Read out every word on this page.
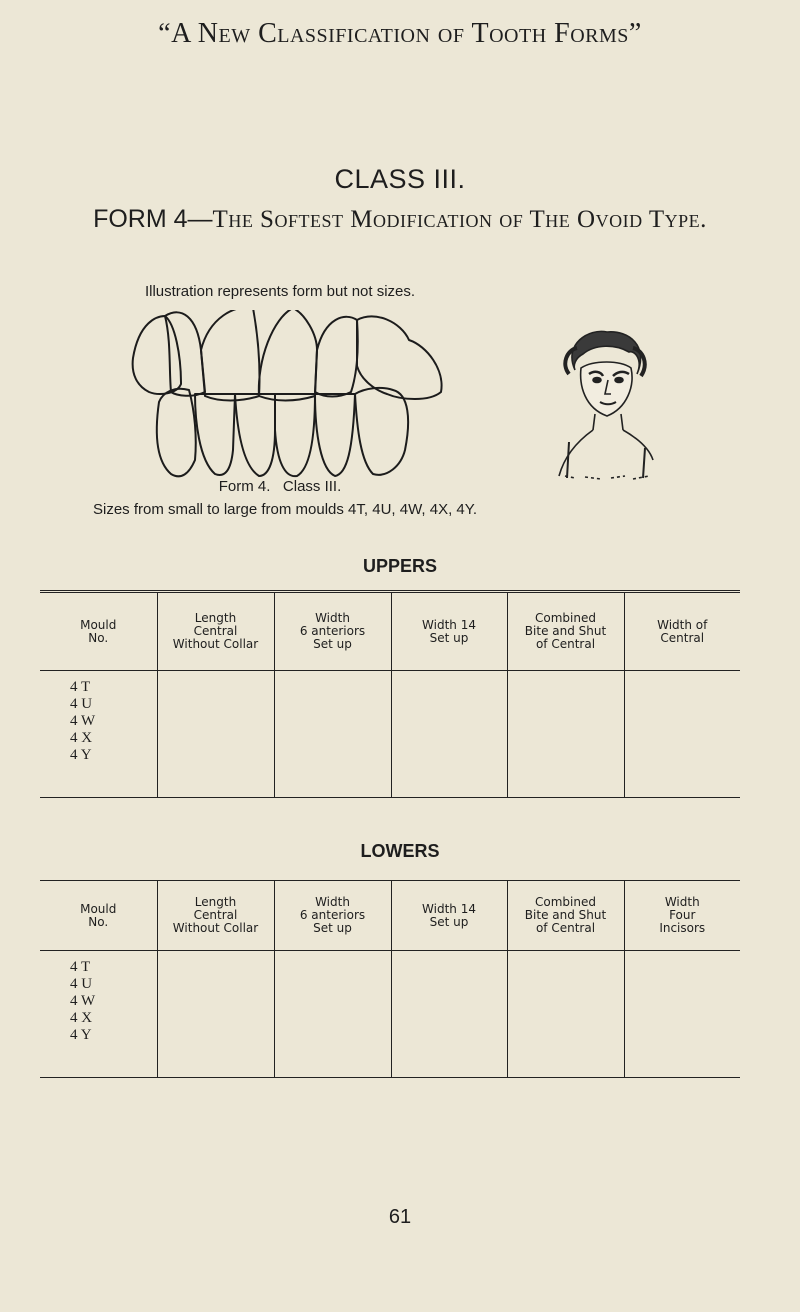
“A New Classification of Tooth Forms”
CLASS III.
FORM 4—The Softest Modification of The Ovoid Type.
Illustration represents form but not sizes.
Form 4.   Class III.
Sizes from small to large from moulds 4T, 4U, 4W, 4X, 4Y.
UPPERS
Mould
No.	Length
Central
Without Collar	Width
6 anteriors
Set up	Width 14
Set up	Combined
Bite and Shut
of Central	Width of
Central

4 T
4 U
4 W
4 X
4 Y					

LOWERS
Mould
No.	Length
Central
Without Collar	Width
6 anteriors
Set up	Width 14
Set up	Combined
Bite and Shut
of Central	Width
Four
Incisors

4 T
4 U
4 W
4 X
4 Y					

61
